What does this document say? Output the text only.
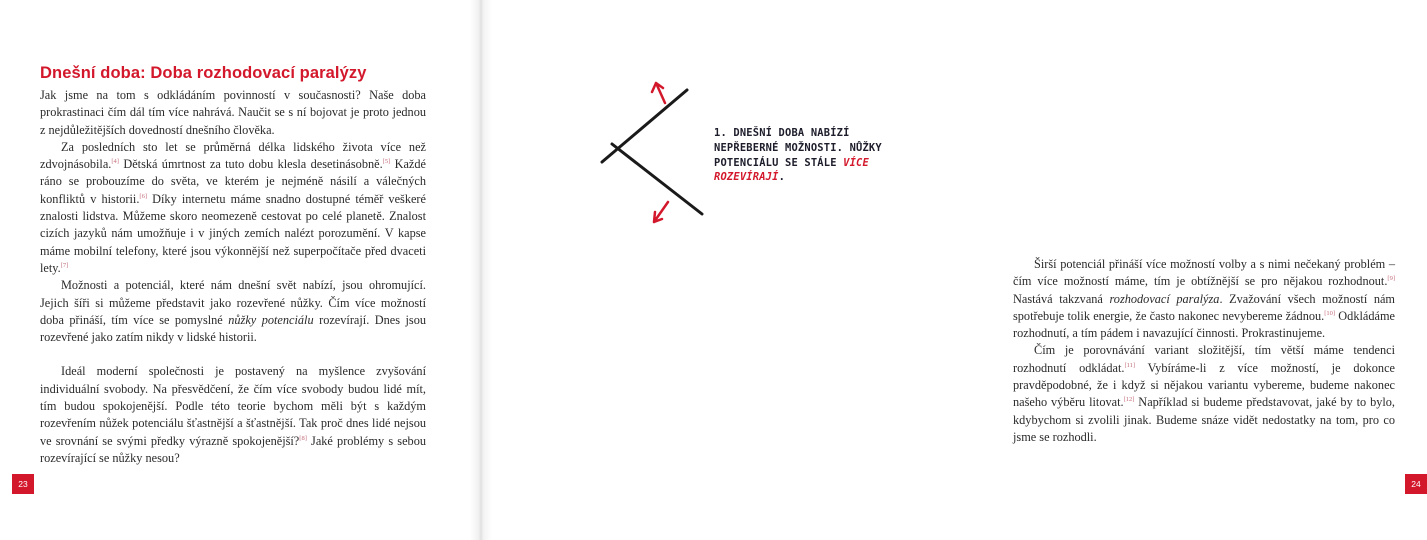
Dnešní doba: Doba rozhodovací paralýzy

Jak jsme na tom s odkládáním povinností v současnosti? Naše doba prokrastinaci čím dál tím více nahrává. Naučit se s ní bojovat je proto jednou z nejdůležitějších dovedností dnešního člověka.

Za posledních sto let se průměrná délka lidského života více než zdvojnásobila.[4] Dětská úmrtnost za tuto dobu klesla desetinásobně.[5] Každé ráno se probouzíme do světa, ve kterém je nejméně násilí a válečných konfliktů v historii.[6] Díky internetu máme snadno dostupné téměř veškeré znalosti lidstva. Můžeme skoro neomezeně cestovat po celé planetě. Znalost cizích jazyků nám umožňuje i v jiných zemích nalézt porozumění. V kapse máme mobilní telefony, které jsou výkonnější než superpočítače před dvaceti lety.[7]

Možnosti a potenciál, které nám dnešní svět nabízí, jsou ohromující. Jejich šíři si můžeme představit jako rozevřené nůžky. Čím více možností doba přináší, tím více se pomyslné nůžky potenciálu rozevírají. Dnes jsou rozevřené jako zatím nikdy v lidské historii.

Ideál moderní společnosti je postavený na myšlence zvyšování individuální svobody. Na přesvědčení, že čím více svobody budou lidé mít, tím budou spokojenější. Podle této teorie bychom měli být s každým rozevřením nůžek potenciálu šťastnější a šťastnější. Tak proč dnes lidé nejsou ve srovnání se svými předky výrazně spokojenější?[8] Jaké problémy s sebou rozevírající se nůžky nesou?

23

Širší potenciál přináší více možností volby a s nimi nečekaný problém – čím více možností máme, tím je obtížnější se pro nějakou rozhodnout.[9] Nastává takzvaná rozhodovací paralýza. Zvažování všech možností nám spotřebuje tolik energie, že často nakonec nevybereme žádnou.[10] Odkládáme rozhodnutí, a tím pádem i navazující činnosti. Prokrastinujeme.

Čím je porovnávání variant složitější, tím větší máme tendenci rozhodnutí odkládat.[11] Vybíráme-li z více možností, je dokonce pravděpodobné, že i když si nějakou variantu vybereme, budeme nakonec našeho výběru litovat.[12] Například si budeme představovat, jaké by to bylo, kdybychom si zvolili jinak. Budeme snáze vidět nedostatky na tom, pro co jsme se rozhodli.

24
1. DNEŠNÍ DOBA NABÍZÍ NEPŘEBERNÉ MOŽNOSTI. NŮŽKY POTENCIÁLU SE STÁLE VÍCE ROZEVÍRAJÍ.
